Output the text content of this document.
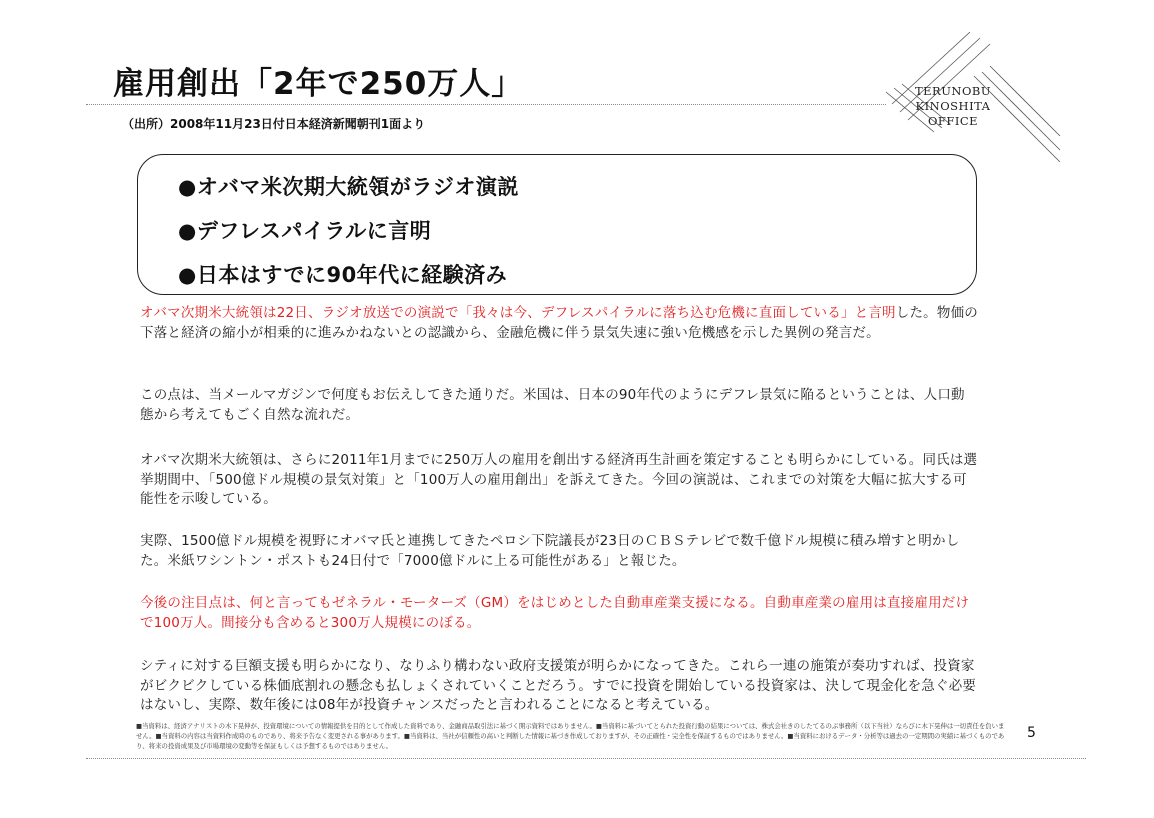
雇用創出「2年で250万人」
（出所）2008年11月23日付日本経済新聞朝刊1面より
TERUNOBU
KINOSHITA
OFFICE
●オバマ米次期大統領がラジオ演説
●デフレスパイラルに言明
●日本はすでに90年代に経験済み
オバマ次期米大統領は22日、ラジオ放送での演説で「我々は今、デフレスパイラルに落ち込む危機に直面している」と言明した。物価の下落と経済の縮小が相乗的に進みかねないとの認識から、金融危機に伴う景気失速に強い危機感を示した異例の発言だ。
この点は、当メールマガジンで何度もお伝えしてきた通りだ。米国は、日本の90年代のようにデフレ景気に陥るということは、人口動態から考えてもごく自然な流れだ。
オバマ次期米大統領は、さらに2011年1月までに250万人の雇用を創出する経済再生計画を策定することも明らかにしている。同氏は選挙期間中、「500億ドル規模の景気対策」と「100万人の雇用創出」を訴えてきた。今回の演説は、これまでの対策を大幅に拡大する可能性を示唆している。
実際、1500億ドル規模を視野にオバマ氏と連携してきたペロシ下院議長が23日のＣＢＳテレビで数千億ドル規模に積み増すと明かした。米紙ワシントン・ポストも24日付で「7000億ドルに上る可能性がある」と報じた。
今後の注目点は、何と言ってもゼネラル・モーターズ（GM）をはじめとした自動車産業支援になる。自動車産業の雇用は直接雇用だけで100万人。間接分も含めると300万人規模にのぼる。
シティに対する巨額支援も明らかになり、なりふり構わない政府支援策が明らかになってきた。これら一連の施策が奏功すれば、投資家がビクビクしている株価底割れの懸念も払しょくされていくことだろう。すでに投資を開始している投資家は、決して現金化を急ぐ必要はないし、実際、数年後には08年が投資チャンスだったと言われることになると考えている。
■当資料は、経済アナリストの木下晃伸が、投資環境についての情報提供を目的として作成した資料であり、金融商品取引法に基づく開示資料ではありません。■当資料に基づいてとられた投資行動の結果については、株式会社きのしたてるのぶ事務所（以下当社）ならびに木下晃伸は一切責任を負いません。■当資料の内容は当資料作成時のものであり、将来予告なく変更される事があります。■当資料は、当社が信頼性の高いと判断した情報に基づき作成しておりますが、その正確性・完全性を保証するものではありません。■当資料におけるデータ・分析等は過去の一定期間の実績に基づくものであり、将来の投資成果及び市場環境の変動等を保証もしくは予想するものではありません。
5
